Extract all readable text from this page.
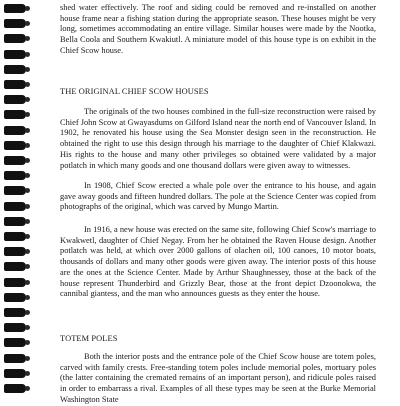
shed water effectively. The roof and siding could be removed and re-installed on another house frame near a fishing station during the appropriate season. These houses might be very long, sometimes accommodating an entire village. Similar houses were made by the Nootka, Bella Coola and Southern Kwakiutl. A miniature model of this house type is on exhibit in the Chief Scow house.

THE ORIGINAL CHIEF SCOW HOUSES

The originals of the two houses combined in the full-size reconstruction were raised by Chief John Scow at Gwayasdums on Gilford Island near the north end of Vancouver Island. In 1902, he renovated his house using the Sea Monster design seen in the reconstruction. He obtained the right to use this design through his marriage to the daughter of Chief Klakwazi. His rights to the house and many other privileges so obtained were validated by a major potlatch in which many goods and one thousand dollars were given away to witnesses.

In 1908, Chief Scow erected a whale pole over the entrance to his house, and again gave away goods and fifteen hundred dollars. The pole at the Science Center was copied from photographs of the original, which was carved by Mungo Martin.

In 1916, a new house was erected on the same site, following Chief Scow's marriage to Kwakwetl, daughter of Chief Negay. From her he obtained the Raven House design. Another potlatch was held, at which over 2000 gallons of olachen oil, 100 canoes, 10 motor boats, thousands of dollars and many other goods were given away. The interior posts of this house are the ones at the Science Center. Made by Arthur Shaughnessey, those at the back of the house represent Thunderbird and Grizzly Bear, those at the front depict Dzoonokwa, the cannibal giantess, and the man who announces guests as they enter the house.

TOTEM POLES

Both the interior posts and the entrance pole of the Chief Scow house are totem poles, carved with family crests. Free-standing totem poles include memorial poles, mortuary poles (the latter containing the cremated remains of an important person), and ridicule poles raised in order to embarrass a rival. Examples of all these types may be seen at the Burke Memorial Washington State
